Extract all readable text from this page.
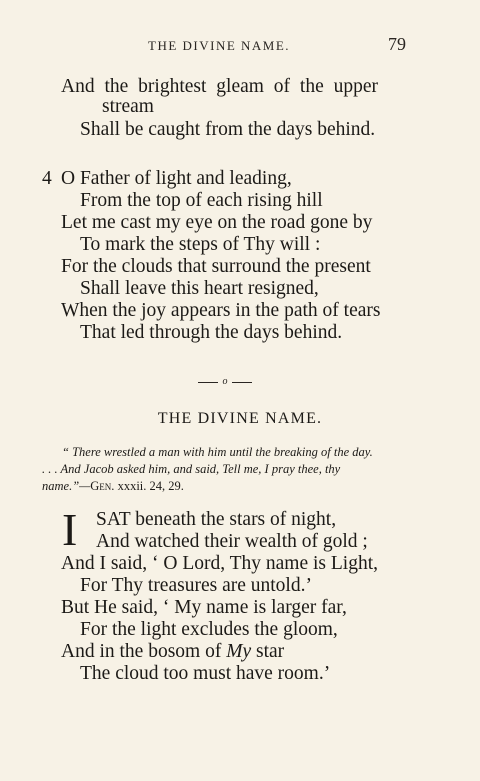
THE DIVINE NAME.	79
And the brightest gleam of the upper
stream
Shall be caught from the days behind.
4 O Father of light and leading,
From the top of each rising hill
Let me cast my eye on the road gone by
To mark the steps of Thy will :
For the clouds that surround the present
Shall leave this heart resigned,
When the joy appears in the path of tears
That led through the days behind.
o
THE DIVINE NAME.
“ There wrestled a man with him until the breaking of the day.
. . . And Jacob asked him, and said, Tell me, I pray thee, thy
name.”—Gen. xxxii. 24, 29.
I SAT beneath the stars of night,
And watched their wealth of gold ;
And I said, ‘ O Lord, Thy name is Light,
For Thy treasures are untold.’
But He said, ‘ My name is larger far,
For the light excludes the gloom,
And in the bosom of My star
The cloud too must have room.’
